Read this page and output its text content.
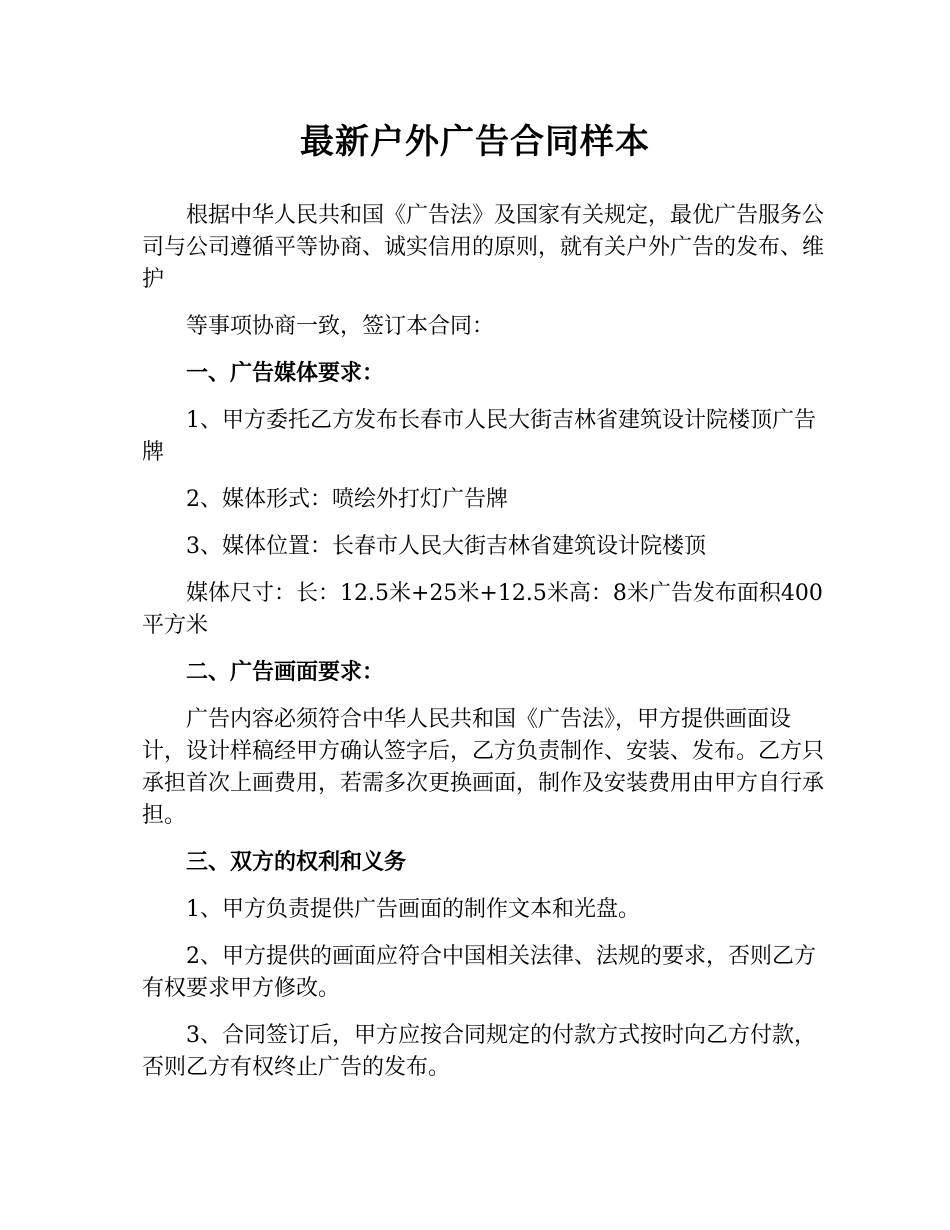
最新户外广告合同样本

根据中华人民共和国《广告法》及国家有关规定，最优广告服务公司与公司遵循平等协商、诚实信用的原则，就有关户外广告的发布、维护

等事项协商一致，签订本合同：

一、广告媒体要求：

1、甲方委托乙方发布长春市人民大街吉林省建筑设计院楼顶广告牌

2、媒体形式：喷绘外打灯广告牌

3、媒体位置：长春市人民大街吉林省建筑设计院楼顶

媒体尺寸：长：12.5米+25米+12.5米高：8米广告发布面积400平方米

二、广告画面要求：

广告内容必须符合中华人民共和国《广告法》，甲方提供画面设计，设计样稿经甲方确认签字后，乙方负责制作、安装、发布。乙方只承担首次上画费用，若需多次更换画面，制作及安装费用由甲方自行承担。

三、双方的权利和义务

1、甲方负责提供广告画面的制作文本和光盘。

2、甲方提供的画面应符合中国相关法律、法规的要求，否则乙方有权要求甲方修改。

3、合同签订后，甲方应按合同规定的付款方式按时向乙方付款，否则乙方有权终止广告的发布。
